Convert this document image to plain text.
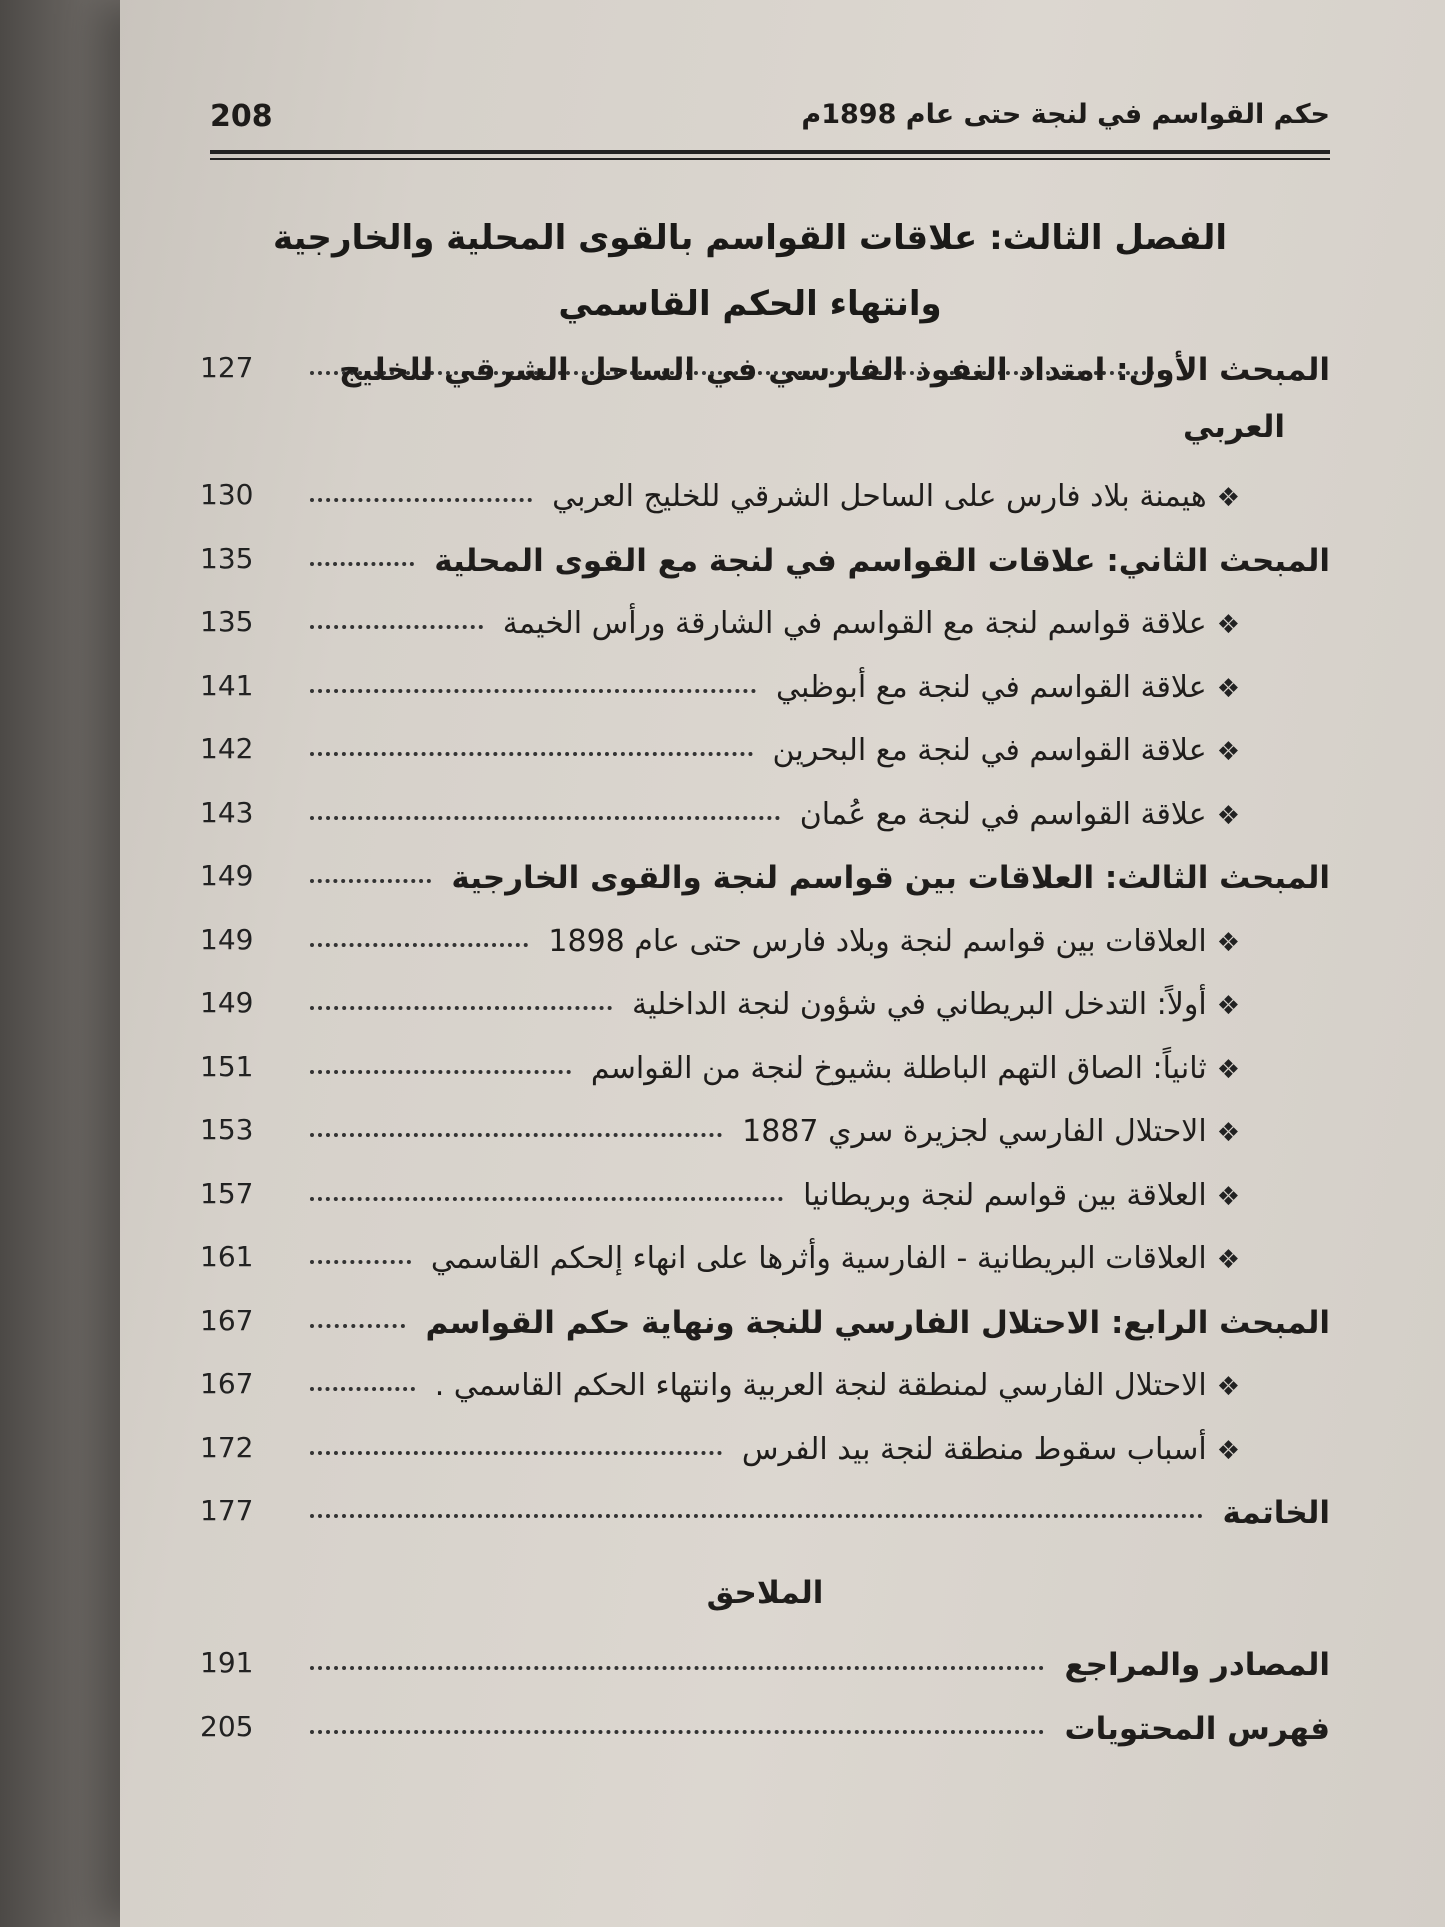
208	حكم القواسم في لنجة حتى عام 1898م
الفصل الثالث: علاقات القواسم بالقوى المحلية والخارجية
وانتهاء الحكم القاسمي
127	المبحث الأول: امتداد النفوذ الفارسي في الساحل الشرقي للخليج
العربي
130	❖هيمنة بلاد فارس على الساحل الشرقي للخليج العربي
135	المبحث الثاني: علاقات القواسم في لنجة مع القوى المحلية
135	❖علاقة قواسم لنجة مع القواسم في الشارقة ورأس الخيمة
141	❖علاقة القواسم في لنجة مع أبوظبي
142	❖علاقة القواسم في لنجة مع البحرين
143	❖علاقة القواسم في لنجة مع عُمان
149	المبحث الثالث: العلاقات بين قواسم لنجة والقوى الخارجية
149	❖العلاقات بين قواسم لنجة وبلاد فارس حتى عام 1898
149	❖أولاً: التدخل البريطاني في شؤون لنجة الداخلية
151	❖ثانياً: الصاق التهم الباطلة بشيوخ لنجة من القواسم
153	❖الاحتلال الفارسي لجزيرة سري 1887
157	❖العلاقة بين قواسم لنجة وبريطانيا
161	❖العلاقات البريطانية - الفارسية وأثرها على انهاء إلحكم القاسمي
167	المبحث الرابع: الاحتلال الفارسي للنجة ونهاية حكم القواسم
167	❖الاحتلال الفارسي لمنطقة لنجة العربية وانتهاء الحكم القاسمي .
172	❖أسباب سقوط منطقة لنجة بيد الفرس
177	الخاتمة
الملاحق
191	المصادر والمراجع
205	فهرس المحتويات
